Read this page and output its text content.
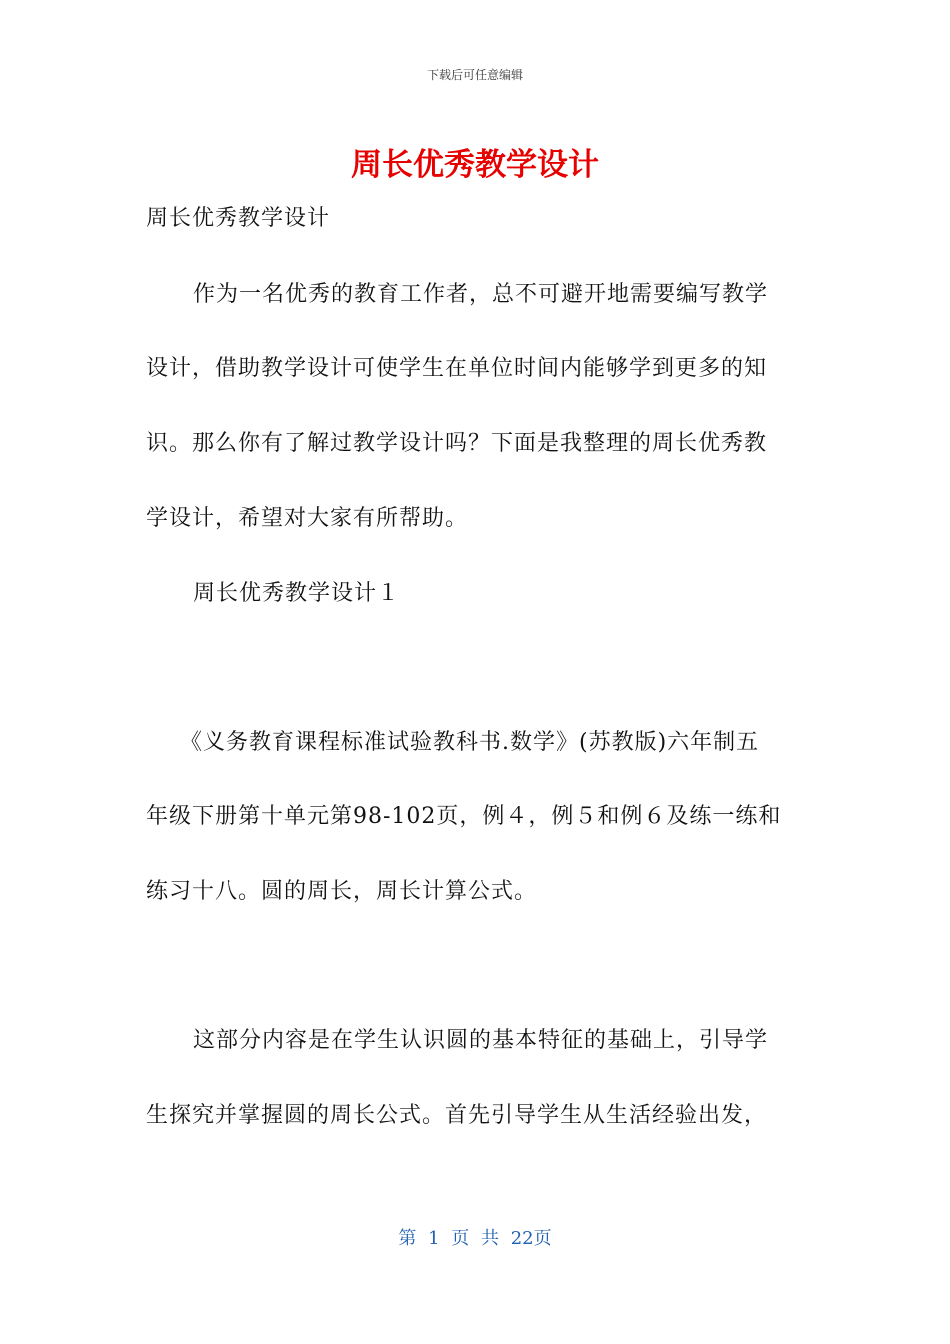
下载后可任意编辑
周长优秀教学设计
周长优秀教学设计
作为一名优秀的教育工作者，总不可避开地需要编写教学
设计，借助教学设计可使学生在单位时间内能够学到更多的知
识。那么你有了解过教学设计吗？下面是我整理的周长优秀教
学设计，希望对大家有所帮助。
周长优秀教学设计１
《义务教育课程标准试验教科书.数学》(苏教版)六年制五
年级下册第十单元第98-102页，例４，例５和例６及练一练和
练习十八。圆的周长，周长计算公式。
这部分内容是在学生认识圆的基本特征的基础上，引导学
生探究并掌握圆的周长公式。首先引导学生从生活经验出发，
第 1 页 共 22页
